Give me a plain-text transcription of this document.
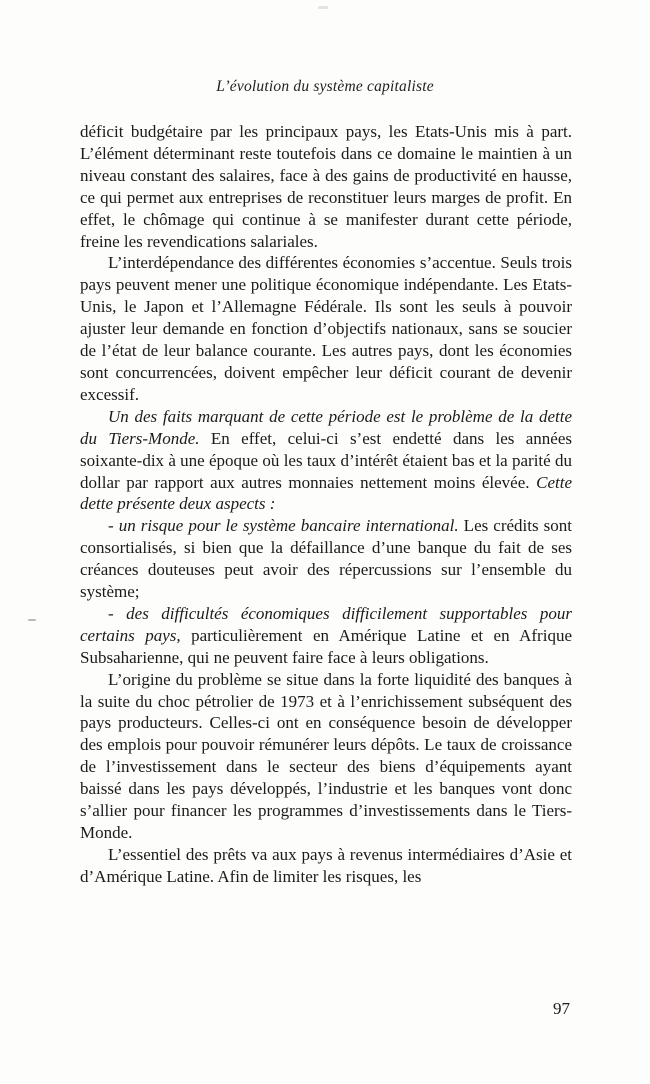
L’évolution du système capitaliste

déficit budgétaire par les principaux pays, les Etats-Unis mis à part. L’élément déterminant reste toutefois dans ce domaine le maintien à un niveau constant des salaires, face à des gains de productivité en hausse, ce qui permet aux entreprises de reconstituer leurs marges de profit. En effet, le chômage qui continue à se manifester durant cette période, freine les revendications salariales.

L’interdépendance des différentes économies s’accentue. Seuls trois pays peuvent mener une politique économique indépendante. Les Etats-Unis, le Japon et l’Allemagne Fédérale. Ils sont les seuls à pouvoir ajuster leur demande en fonction d’objectifs nationaux, sans se soucier de l’état de leur balance courante. Les autres pays, dont les économies sont concurrencées, doivent empêcher leur déficit courant de devenir excessif.

Un des faits marquant de cette période est le problème de la dette du Tiers-Monde. En effet, celui-ci s’est endetté dans les années soixante-dix à une époque où les taux d’intérêt étaient bas et la parité du dollar par rapport aux autres monnaies nettement moins élevée. Cette dette présente deux aspects :

- un risque pour le système bancaire international. Les crédits sont consortialisés, si bien que la défaillance d’une banque du fait de ses créances douteuses peut avoir des répercussions sur l’ensemble du système;

- des difficultés économiques difficilement supportables pour certains pays, particulièrement en Amérique Latine et en Afrique Subsaharienne, qui ne peuvent faire face à leurs obligations.

L’origine du problème se situe dans la forte liquidité des banques à la suite du choc pétrolier de 1973 et à l’enrichissement subséquent des pays producteurs. Celles-ci ont en conséquence besoin de développer des emplois pour pouvoir rémunérer leurs dépôts. Le taux de croissance de l’investissement dans le secteur des biens d’équipements ayant baissé dans les pays développés, l’industrie et les banques vont donc s’allier pour financer les programmes d’investissements dans le Tiers-Monde.

L’essentiel des prêts va aux pays à revenus intermédiaires d’Asie et d’Amérique Latine. Afin de limiter les risques, les

97
